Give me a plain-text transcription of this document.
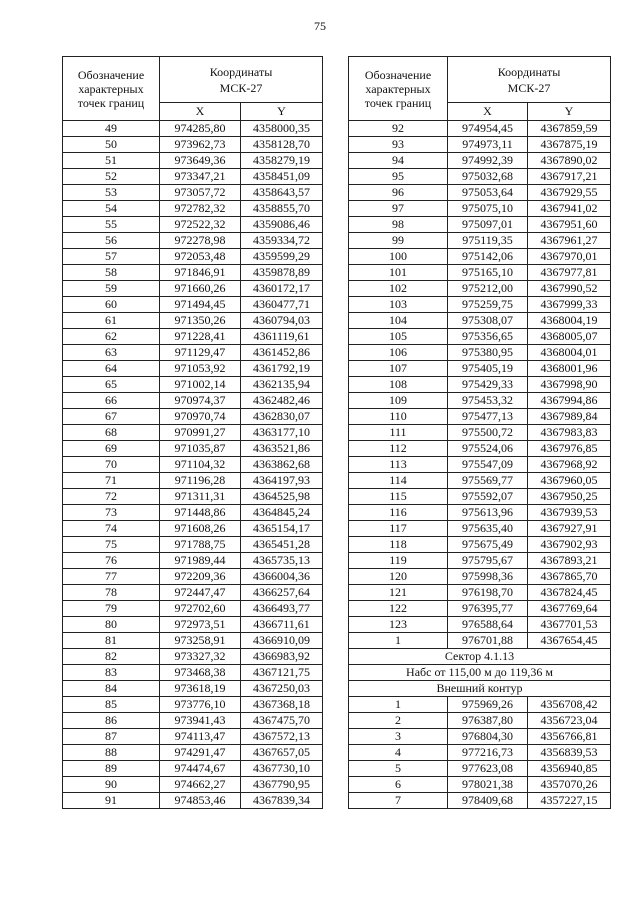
75
Обозначение
характерных
точек границ	Координаты
МСК-27	

	X	Y
49	974285,80	4358000,35
50	973962,73	4358128,70
51	973649,36	4358279,19
52	973347,21	4358451,09
53	973057,72	4358643,57
54	972782,32	4358855,70
55	972522,32	4359086,46
56	972278,98	4359334,72
57	972053,48	4359599,29
58	971846,91	4359878,89
59	971660,26	4360172,17
60	971494,45	4360477,71
61	971350,26	4360794,03
62	971228,41	4361119,61
63	971129,47	4361452,86
64	971053,92	4361792,19
65	971002,14	4362135,94
66	970974,37	4362482,46
67	970970,74	4362830,07
68	970991,27	4363177,10
69	971035,87	4363521,86
70	971104,32	4363862,68
71	971196,28	4364197,93
72	971311,31	4364525,98
73	971448,86	4364845,24
74	971608,26	4365154,17
75	971788,75	4365451,28
76	971989,44	4365735,13
77	972209,36	4366004,36
78	972447,47	4366257,64
79	972702,60	4366493,77
80	972973,51	4366711,61
81	973258,91	4366910,09
82	973327,32	4366983,92
83	973468,38	4367121,75
84	973618,19	4367250,03
85	973776,10	4367368,18
86	973941,43	4367475,70
87	974113,47	4367572,13
88	974291,47	4367657,05
89	974474,67	4367730,10
90	974662,27	4367790,95
91	974853,46	4367839,34
Обозначение
характерных
точек границ	Координаты
МСК-27	

	X	Y
92	974954,45	4367859,59
93	974973,11	4367875,19
94	974992,39	4367890,02
95	975032,68	4367917,21
96	975053,64	4367929,55
97	975075,10	4367941,02
98	975097,01	4367951,60
99	975119,35	4367961,27
100	975142,06	4367970,01
101	975165,10	4367977,81
102	975212,00	4367990,52
103	975259,75	4367999,33
104	975308,07	4368004,19
105	975356,65	4368005,07
106	975380,95	4368004,01
107	975405,19	4368001,96
108	975429,33	4367998,90
109	975453,32	4367994,86
110	975477,13	4367989,84
111	975500,72	4367983,83
112	975524,06	4367976,85
113	975547,09	4367968,92
114	975569,77	4367960,05
115	975592,07	4367950,25
116	975613,96	4367939,53
117	975635,40	4367927,91
118	975675,49	4367902,93
119	975795,67	4367893,21
120	975998,36	4367865,70
121	976198,70	4367824,45
122	976395,77	4367769,64
123	976588,64	4367701,53
1	976701,88	4367654,45
Сектор 4.1.13		
Набс от 115,00 м до 119,36 м		
Внешний контур		
1	975969,26	4356708,42
2	976387,80	4356723,04
3	976804,30	4356766,81
4	977216,73	4356839,53
5	977623,08	4356940,85
6	978021,38	4357070,26
7	978409,68	4357227,15
